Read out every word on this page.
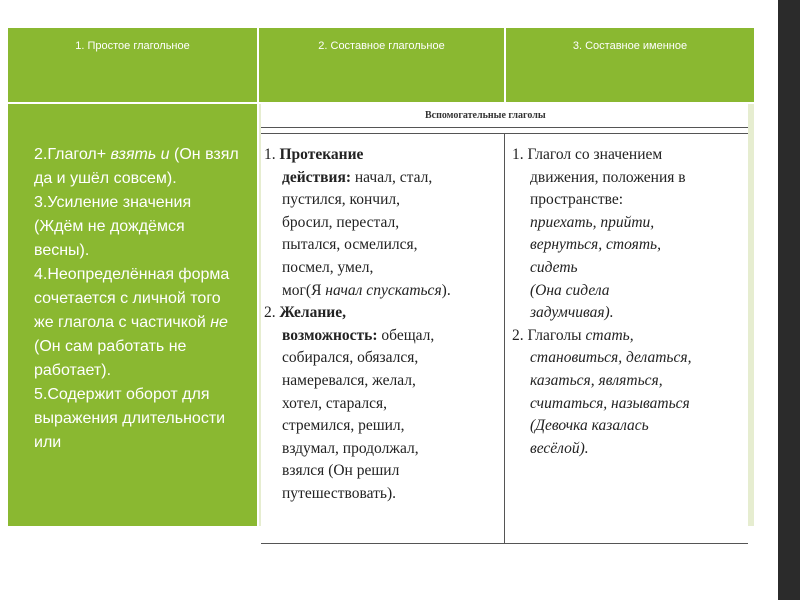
1. Простое глагольное	2. Составное глагольное	3. Составное именное

2.Глагол+ взять и (Он взял да и ушёл совсем).

3.Усиление значения (Ждём не дождёмся весны).

4.Неопределённая форма сочетается с личной того же глагола с частичкой не (Он сам работать не работает).

5.Содержит оборот для выражения длительности или

Вспомогательные глаголы

1. Протекание

действия: начал, стал,

пустился, кончил,

бросил, перестал,

пытался, осмелился,

посмел, умел,

мог(Я начал спускаться).

2. Желание,

возможность: обещал,

собирался, обязался,

намеревался, желал,

хотел, старался,

стремился, решил,

вздумал, продолжал,

взялся (Он решил

путешествовать).

1. Глагол со значением

движения, положения в

пространстве:

приехать, прийти,

вернуться, стоять,

сидеть

(Она сидела

задумчивая).

2. Глаголы стать,

становиться, делаться,

казаться, являться,

считаться, называться

(Девочка казалась

весёлой).
